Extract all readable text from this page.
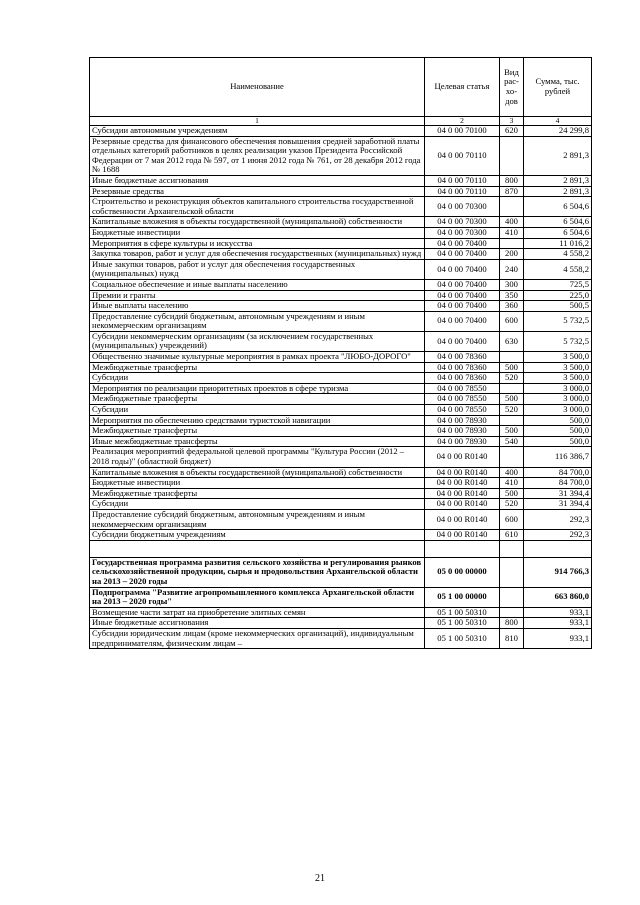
Наименование	Целевая статья	Вид рас-хо-дов	Сумма, тыс. рублей
1	2	3	4
Субсидии автономным учреждениям	04 0 00 70100	620	24 299,8
Резервные средства для финансового обеспечения повышения средней заработной платы отдельных категорий работников в целях реализации указов Президента Российской Федерации от 7 мая 2012 года № 597, от 1 июня 2012 года № 761, от 28 декабря 2012 года № 1688	04 0 00 70110		2 891,3
Иные бюджетные ассигнования	04 0 00 70110	800	2 891,3
Резервные средства	04 0 00 70110	870	2 891,3
Строительство и реконструкция объектов капитального строительства государственной собственности Архангельской области	04 0 00 70300		6 504,6
Капитальные вложения в объекты государственной (муниципальной) собственности	04 0 00 70300	400	6 504,6
Бюджетные инвестиции	04 0 00 70300	410	6 504,6
Мероприятия в сфере культуры и искусства	04 0 00 70400		11 016,2
Закупка товаров, работ и услуг для обеспечения государственных (муниципальных) нужд	04 0 00 70400	200	4 558,2
Иные закупки товаров, работ и услуг для обеспечения государственных (муниципальных) нужд	04 0 00 70400	240	4 558,2
Социальное обеспечение и иные выплаты населению	04 0 00 70400	300	725,5
Премии и гранты	04 0 00 70400	350	225,0
Иные выплаты населению	04 0 00 70400	360	500,5
Предоставление субсидий бюджетным, автономным учреждениям и иным некоммерческим организациям	04 0 00 70400	600	5 732,5
Субсидии некоммерческим организациям (за исключением государственных (муниципальных) учреждений)	04 0 00 70400	630	5 732,5
Общественно значимые культурные мероприятия в рамках проекта "ЛЮБО-ДОРОГО"	04 0 00 78360		3 500,0
Межбюджетные трансферты	04 0 00 78360	500	3 500,0
Субсидии	04 0 00 78360	520	3 500,0
Мероприятия по реализации приоритетных проектов в сфере туризма	04 0 00 78550		3 000,0
Межбюджетные трансферты	04 0 00 78550	500	3 000,0
Субсидии	04 0 00 78550	520	3 000,0
Мероприятия по обеспечению средствами туристской навигации	04 0 00 78930		500,0
Межбюджетные трансферты	04 0 00 78930	500	500,0
Иные межбюджетные трансферты	04 0 00 78930	540	500,0
Реализация мероприятий федеральной целевой программы "Культура России (2012 – 2018 годы)" (областной бюджет)	04 0 00 R0140		116 386,7
Капитальные вложения в объекты государственной (муниципальной) собственности	04 0 00 R0140	400	84 700,0
Бюджетные инвестиции	04 0 00 R0140	410	84 700,0
Межбюджетные трансферты	04 0 00 R0140	500	31 394,4
Субсидии	04 0 00 R0140	520	31 394,4
Предоставление субсидий бюджетным, автономным учреждениям и иным некоммерческим организациям	04 0 00 R0140	600	292,3
Субсидии бюджетным учреждениям	04 0 00 R0140	610	292,3

Государственная программа развития сельского хозяйства и регулирования рынков сельскохозяйственной продукции, сырья и продовольствия Архангельской области на 2013 – 2020 годы	05 0 00 00000		914 766,3
Подпрограмма "Развитие агропромышленного комплекса Архангельской области на 2013 – 2020 годы"	05 1 00 00000		663 860,0
Возмещение части затрат на приобретение элитных семян	05 1 00 50310		933,1
Иные бюджетные ассигнования	05 1 00 50310	800	933,1
Субсидии юридическим лицам (кроме некоммерческих организаций), индивидуальным предпринимателям, физическим лицам –	05 1 00 50310	810	933,1
21
